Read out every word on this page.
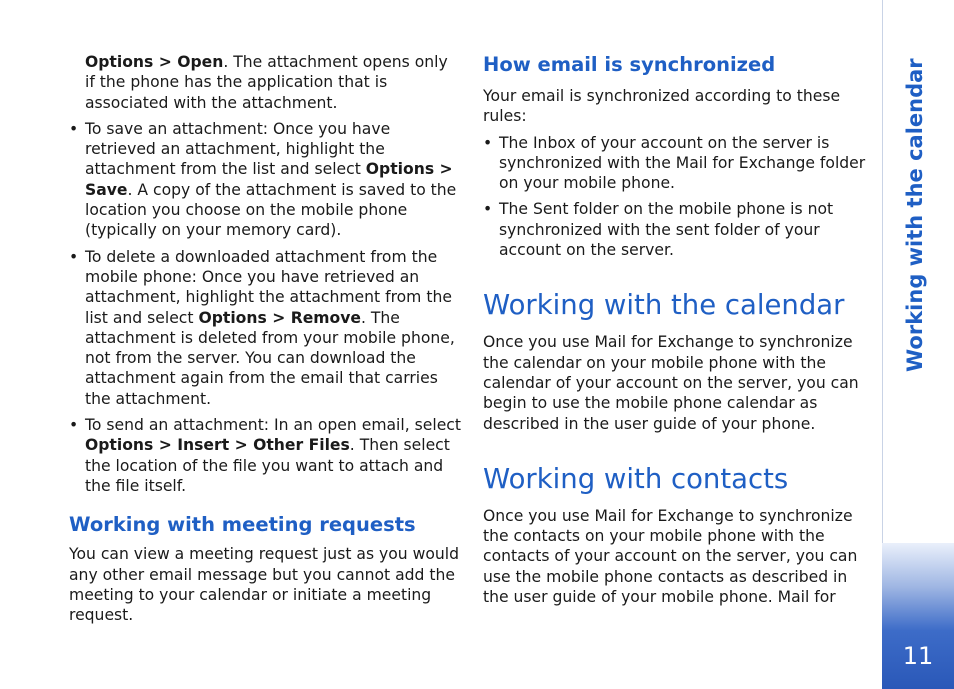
Options > Open. The attachment opens only if the phone has the application that is associated with the attachment.

• To save an attachment: Once you have retrieved an attachment, highlight the attachment from the list and select Options > Save. A copy of the attachment is saved to the location you choose on the mobile phone (typically on your memory card).
• To delete a downloaded attachment from the mobile phone: Once you have retrieved an attachment, highlight the attachment from the list and select Options > Remove. The attachment is deleted from your mobile phone, not from the server. You can download the attachment again from the email that carries the attachment.
• To send an attachment: In an open email, select Options > Insert > Other Files. Then select the location of the file you want to attach and the file itself.
Working with meeting requests

You can view a meeting request just as you would any other email message but you cannot add the meeting to your calendar or initiate a meeting request.

How email is synchronized

Your email is synchronized according to these rules:

• The Inbox of your account on the server is synchronized with the Mail for Exchange folder on your mobile phone.
• The Sent folder on the mobile phone is not synchronized with the sent folder of your account on the server.
Working with the calendar

Once you use Mail for Exchange to synchronize the calendar on your mobile phone with the calendar of your account on the server, you can begin to use the mobile phone calendar as described in the user guide of your phone.

Working with contacts

Once you use Mail for Exchange to synchronize the contacts on your mobile phone with the contacts of your account on the server, you can use the mobile phone contacts as described in the user guide of your mobile phone. Mail for

Working with the calendar
11
